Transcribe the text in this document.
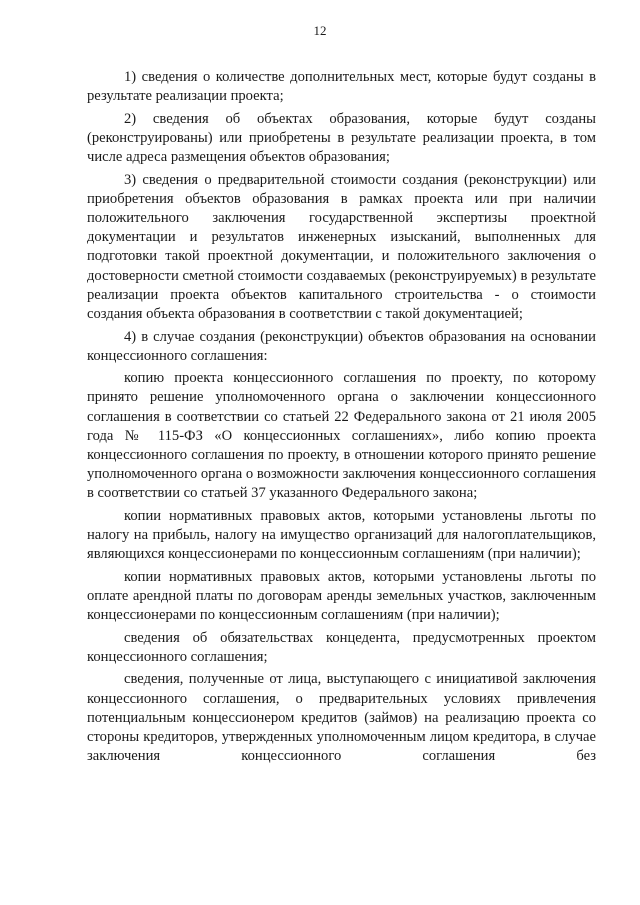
12

1) сведения о количестве дополнительных мест, которые будут созданы в результате реализации проекта;

2) сведения об объектах образования, которые будут созданы (реконструированы) или приобретены в результате реализации проекта, в том числе адреса размещения объектов образования;

3) сведения о предварительной стоимости создания (реконструкции) или приобретения объектов образования в рамках проекта или при наличии положительного заключения государственной экспертизы проектной документации и результатов инженерных изысканий, выполненных для подготовки такой проектной документации, и положительного заключения о достоверности сметной стоимости создаваемых (реконструируемых) в результате реализации проекта объектов капитального строительства - о стоимости создания объекта образования в соответствии с такой документацией;

4) в случае создания (реконструкции) объектов образования на основании концессионного соглашения:

копию проекта концессионного соглашения по проекту, по которому принято решение уполномоченного органа о заключении концессионного соглашения в соответствии со статьей 22 Федерального закона от 21 июля 2005 года № 115-ФЗ «О концессионных соглашениях», либо копию проекта концессионного соглашения по проекту, в отношении которого принято решение уполномоченного органа о возможности заключения концессионного соглашения в соответствии со статьей 37 указанного Федерального закона;

копии нормативных правовых актов, которыми установлены льготы по налогу на прибыль, налогу на имущество организаций для налогоплательщиков, являющихся концессионерами по концессионным соглашениям (при наличии);

копии нормативных правовых актов, которыми установлены льготы по оплате арендной платы по договорам аренды земельных участков, заключенным концессионерами по концессионным соглашениям (при наличии);

сведения об обязательствах концедента, предусмотренных проектом концессионного соглашения;

сведения, полученные от лица, выступающего с инициативой заключения концессионного соглашения, о предварительных условиях привлечения потенциальным концессионером кредитов (займов) на реализацию проекта со стороны кредиторов, утвержденных уполномоченным лицом кредитора, в случае заключения концессионного соглашения без
